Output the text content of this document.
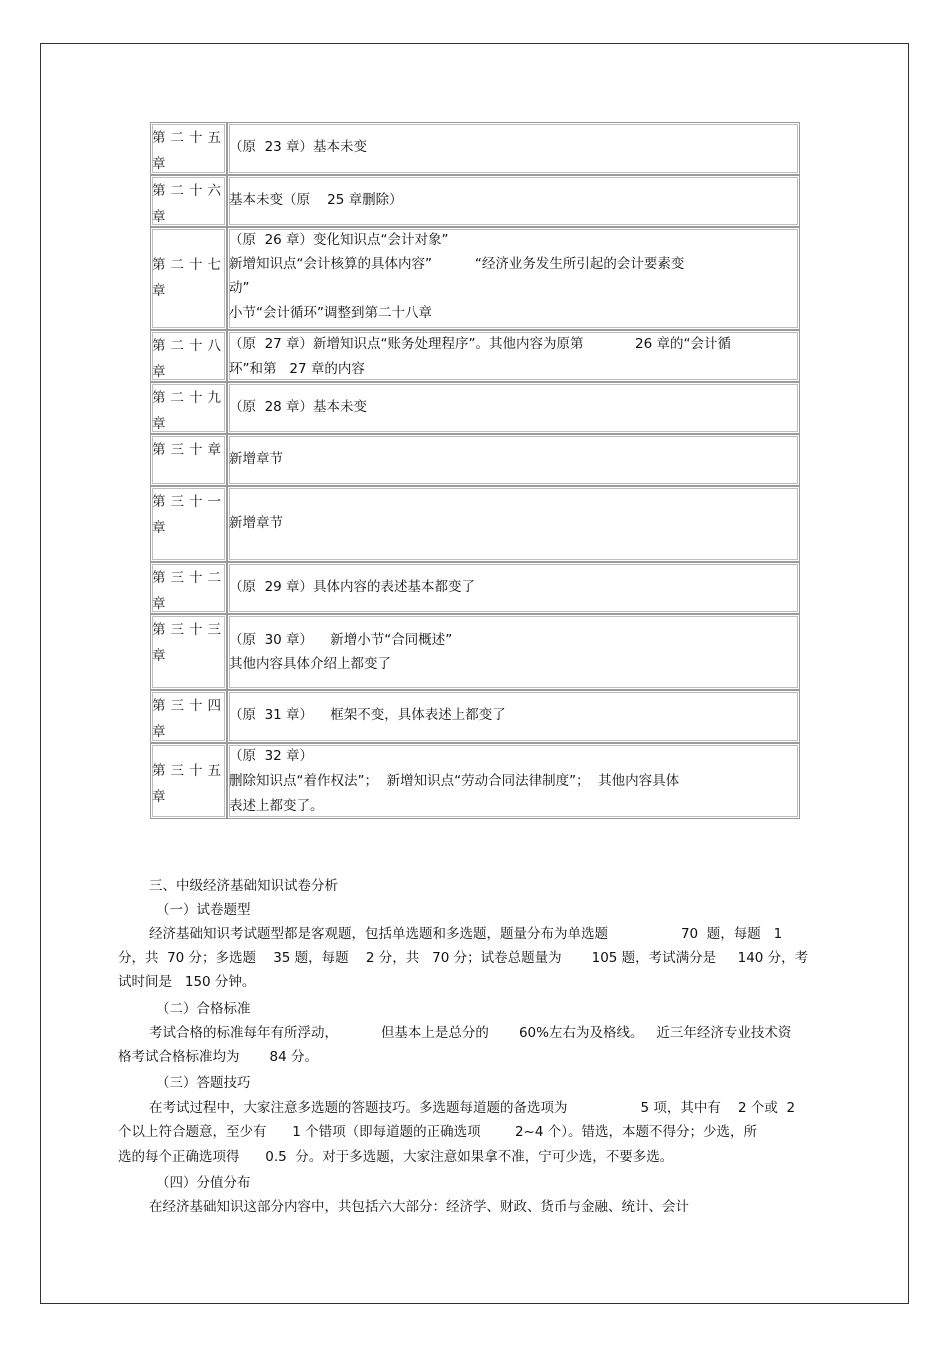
第二十五章
（原  23 章）基本未变
第二十六章
基本未变（原    25 章删除）
第二十七章
（原  26 章）变化知识点“会计对象”
新增知识点“会计核算的具体内容”          “经济业务发生所引起的会计要素变
动”
小节“会计循环”调整到第二十八章
第二十八章
（原  27 章）新增知识点“账务处理程序”。其他内容为原第            26 章的“会计循
环”和第   27 章的内容
第二十九章
（原  28 章）基本未变
第三十章
新增章节
第三十一章	新增章节
第三十二章
（原  29 章）具体内容的表述基本都变了
第三十三章
（原  30 章）    新增小节“合同概述”
其他内容具体介绍上都变了
第三十四章
（原  31 章）    框架不变，具体表述上都变了
第三十五章
（原  32 章）
删除知识点“着作权法”；  新增知识点“劳动合同法律制度”；  其他内容具体
表述上都变了。
三、中级经济基础知识试卷分析
（一）试卷题型
经济基础知识考试题型都是客观题，包括单选题和多选题，题量分布为单选题                 70  题，每题   1
分，共  70 分；多选题    35 题，每题    2 分，共   70 分；试卷总题量为       105 题，考试满分是     140 分，考
试时间是   150 分钟。
（二）合格标准
考试合格的标准每年有所浮动，          但基本上是总分的       60%左右为及格线。   近三年经济专业技术资
格考试合格标准均为       84 分。
（三）答题技巧
在考试过程中，大家注意多选题的答题技巧。多选题每道题的备选项为                 5 项，其中有    2 个或  2
个以上符合题意，至少有      1 个错项（即每道题的正确选项        2~4 个）。错选，本题不得分；少选，所
选的每个正确选项得      0.5  分。对于多选题，大家注意如果拿不准，宁可少选，不要多选。
（四）分值分布
在经济基础知识这部分内容中，共包括六大部分：经济学、财政、货币与金融、统计、会计
